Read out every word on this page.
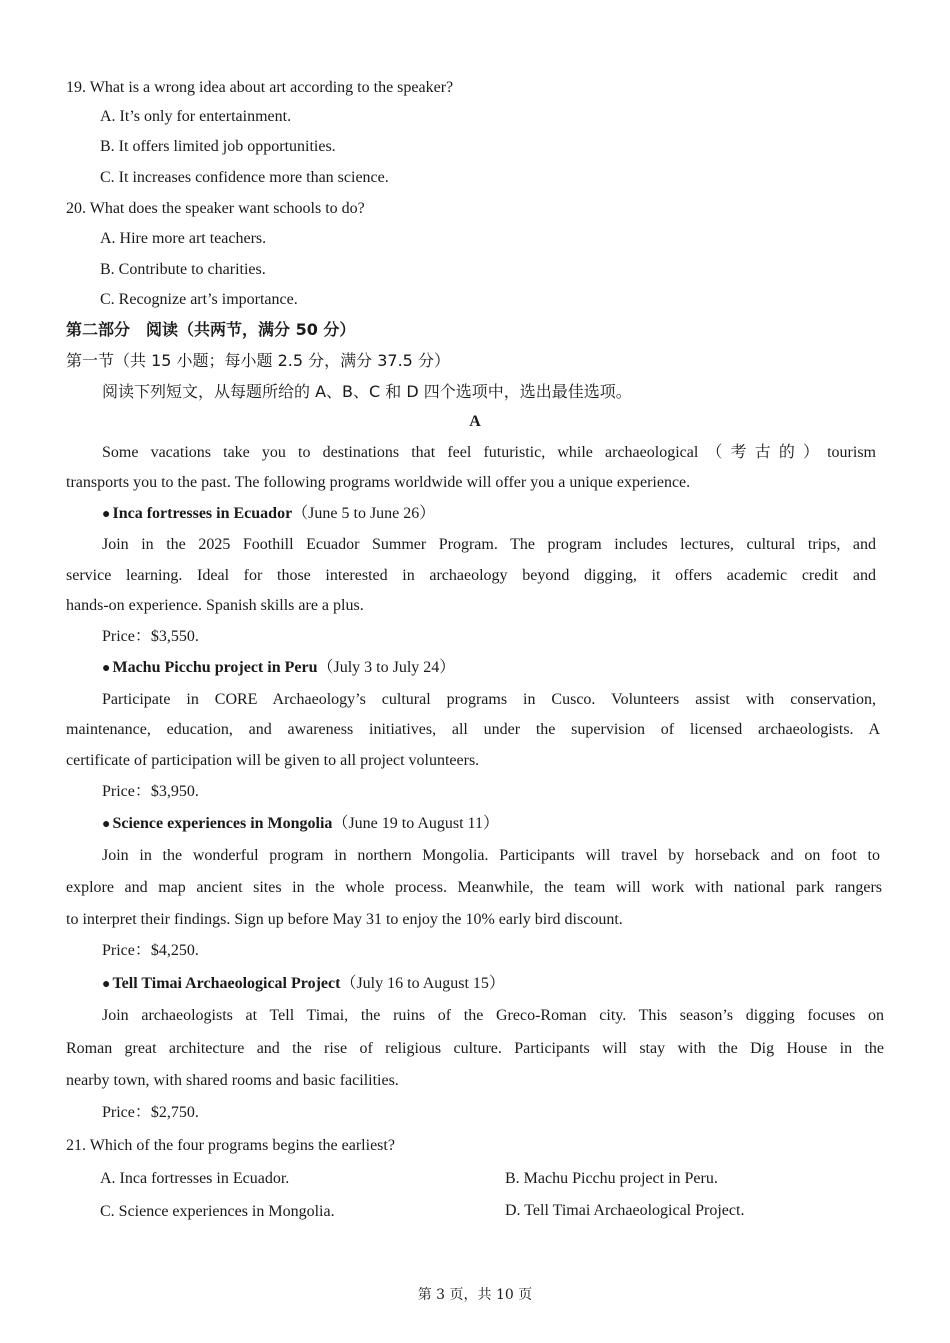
19. What is a wrong idea about art according to the speaker?
A. It’s only for entertainment.
B. It offers limited job opportunities.
C. It increases confidence more than science.
20. What does the speaker want schools to do?
A. Hire more art teachers.
B. Contribute to charities.
C. Recognize art’s importance.
第二部分　阅读（共两节，满分 50 分）
第一节（共 15 小题；每小题 2.5 分，满分 37.5 分）
阅读下列短文，从每题所给的 A、B、C 和 D 四个选项中，选出最佳选项。
A
Some vacations take you to destinations that feel futuristic, while archaeological（考古的）tourism
transports you to the past. The following programs worldwide will offer you a unique experience.
● Inca fortresses in Ecuador（June 5 to June 26）
Join in the 2025 Foothill Ecuador Summer Program. The program includes lectures, cultural trips, and
service learning. Ideal for those interested in archaeology beyond digging, it offers academic credit and
hands-on experience. Spanish skills are a plus.
Price：$3,550.
● Machu Picchu project in Peru（July 3 to July 24）
Participate in CORE Archaeology’s cultural programs in Cusco. Volunteers assist with conservation,
maintenance, education, and awareness initiatives, all under the supervision of licensed archaeologists. A
certificate of participation will be given to all project volunteers.
Price：$3,950.
● Science experiences in Mongolia（June 19 to August 11）
Join in the wonderful program in northern Mongolia. Participants will travel by horseback and on foot to
explore and map ancient sites in the whole process. Meanwhile, the team will work with national park rangers
to interpret their findings. Sign up before May 31 to enjoy the 10% early bird discount.
Price：$4,250.
● Tell Timai Archaeological Project（July 16 to August 15）
Join archaeologists at Tell Timai, the ruins of the Greco-Roman city. This season’s digging focuses on
Roman great architecture and the rise of religious culture. Participants will stay with the Dig House in the
nearby town, with shared rooms and basic facilities.
Price：$2,750.
21. Which of the four programs begins the earliest?
A. Inca fortresses in Ecuador.	B. Machu Picchu project in Peru.
C. Science experiences in Mongolia.	D. Tell Timai Archaeological Project.
第 3 页，共 10 页
